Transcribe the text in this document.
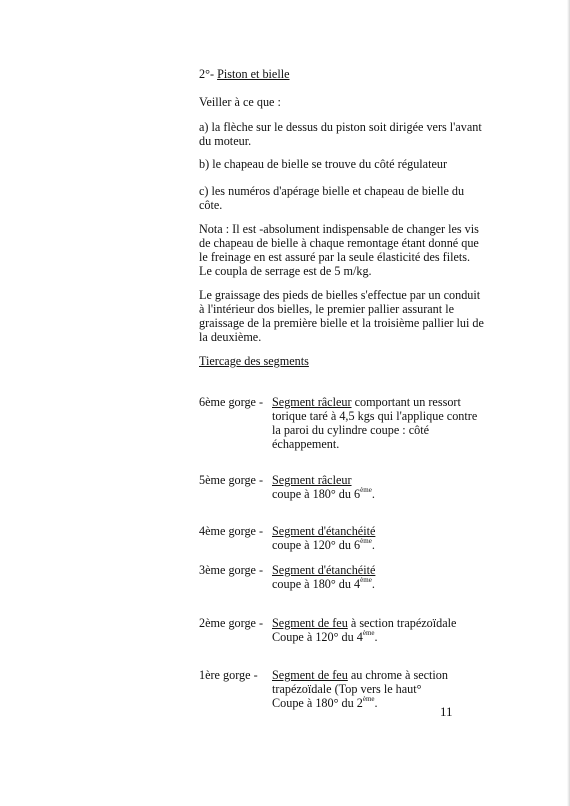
2°- Piston et bielle
Veiller à ce que :
a) la flèche sur le dessus du piston soit dirigée vers l'avant
du moteur.
b) le chapeau de bielle se trouve du côté régulateur
c) les numéros d'apérage bielle et chapeau de bielle du
côte.
Nota : Il est -absolument indispensable de changer les vis
de chapeau de bielle à chaque remontage étant donné que
le freinage en est assuré par la seule élasticité des filets.
Le coupla de serrage est de 5 m/kg.
Le graissage des pieds de bielles s'effectue par un conduit
à l'intérieur dos bielles, le premier pallier assurant le
graissage de la première bielle et la troisième pallier lui de
la deuxième.
Tiercage des segments
6ème gorge - Segment râcleur comportant un ressort
torique taré à 4,5 kgs qui l'applique contre
la paroi du cylindre coupe : côté
échappement.
5ème gorge - Segment râcleur
coupe à 180° du 6ème.
4ème gorge - Segment d'étanchéité
coupe à 120° du 6ème.
3ème gorge - Segment d'étanchéité
coupe à 180° du 4ème.
2ème gorge - Segment de feu à section trapézoïdale
Coupe à 120° du 4ème.
1ère gorge - Segment de feu au chrome à section
trapézoïdale (Top vers le haut°
Coupe à 180° du 2ème.
11
